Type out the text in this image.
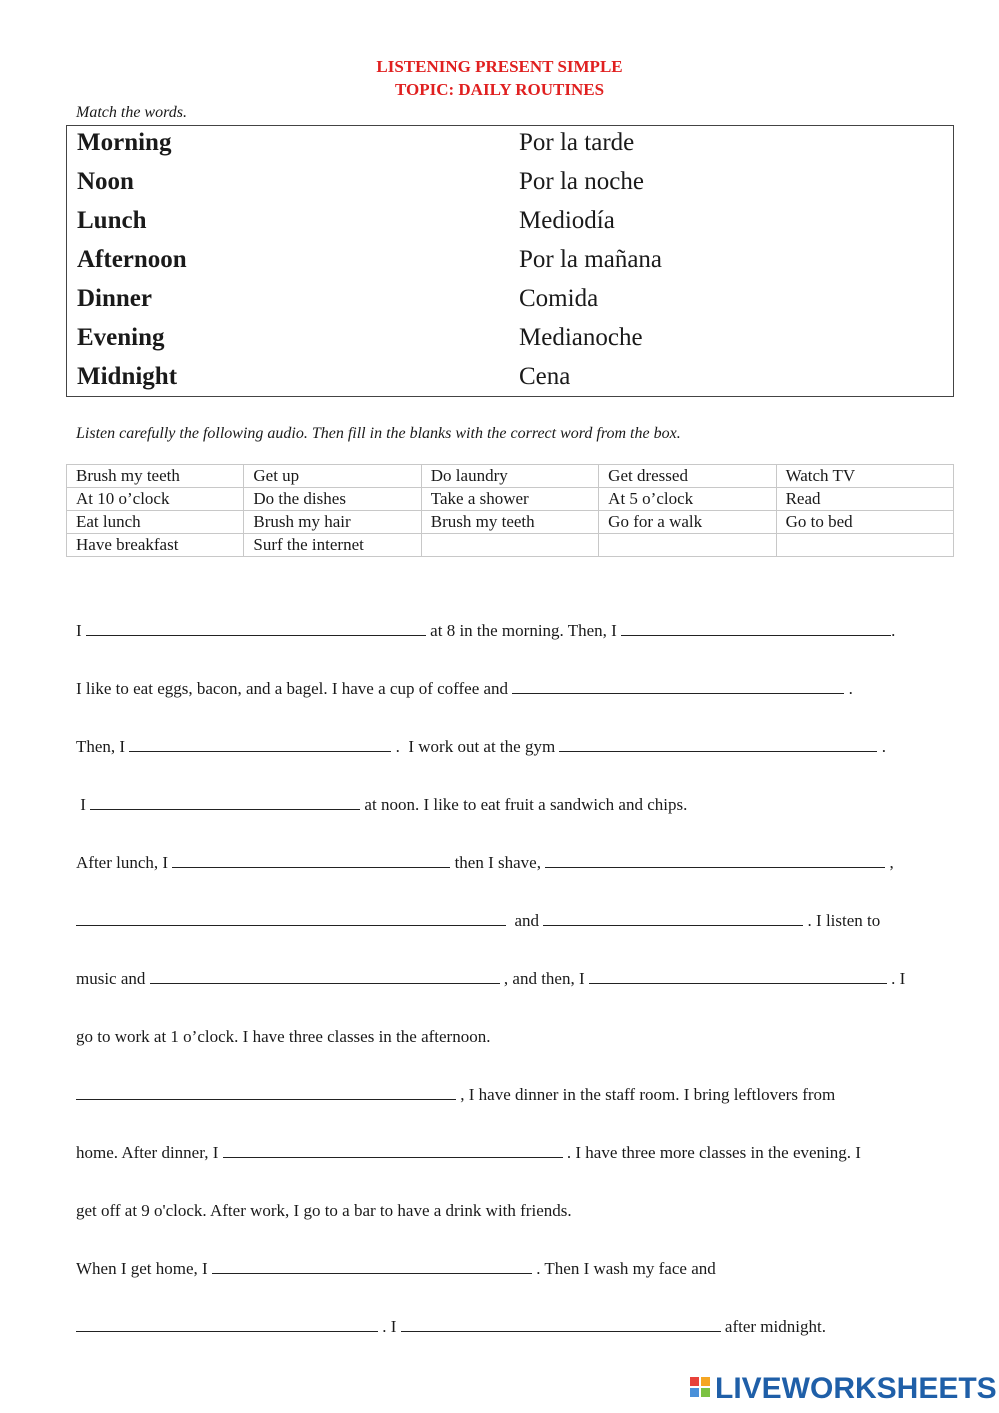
LISTENING PRESENT SIMPLE
TOPIC: DAILY ROUTINES
Match the words.
Morning	Por la tarde
Noon	Por la noche
Lunch	Mediodía
Afternoon	Por la mañana
Dinner	Comida
Evening	Medianoche
Midnight	Cena
Listen carefully the following audio. Then fill in the blanks with the correct word from the box.
Brush my teeth	Get up	Do laundry	Get dressed	Watch TV
At 10 o’clock	Do the dishes	Take a shower	At 5 o’clock	Read
Eat lunch	Brush my hair	Brush my teeth	Go for a walk	Go to bed
Have breakfast	Surf the internet			
I	at 8 in the morning. Then, I	.
I like to eat eggs, bacon, and a bagel. I have a cup of coffee and	.
Then, I	.  I work out at the gym	.
I	at noon. I like to eat fruit a sandwich and chips.
After lunch, I	then I shave,	,
and	. I listen to
music and	, and then, I	. I
go to work at 1 o’clock. I have three classes in the afternoon.
, I have dinner in the staff room. I bring leftlovers from
home. After dinner, I	. I have three more classes in the evening. I
get off at 9 o'clock. After work, I go to a bar to have a drink with friends.
When I get home, I	. Then I wash my face and
. I	after midnight.
LIVEWORKSHEETS
